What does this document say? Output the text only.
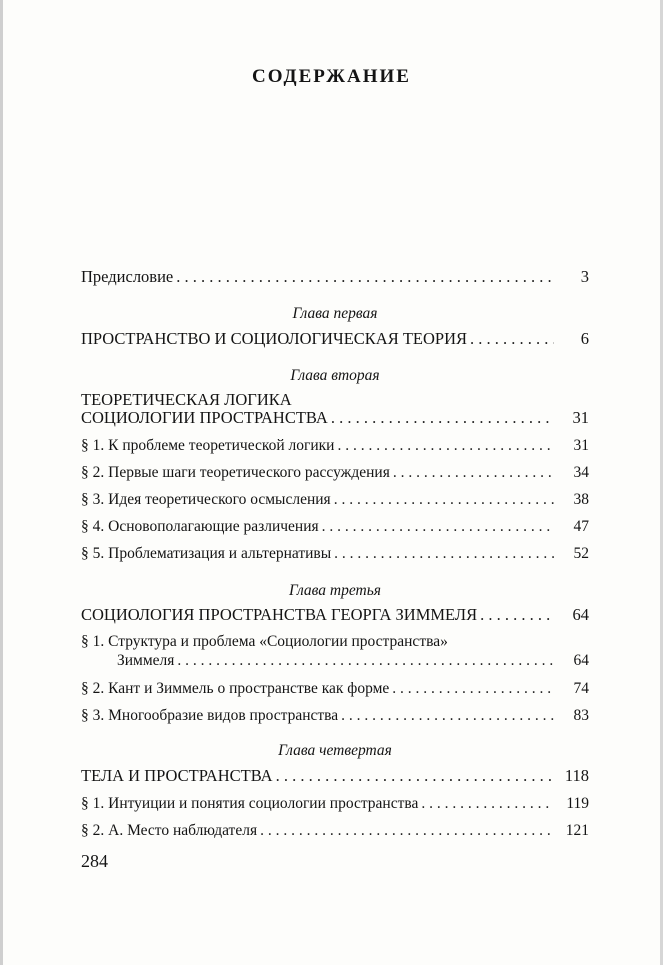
СОДЕРЖАНИЕ
Предисловие . . .	3
Глава первая
ПРОСТРАНСТВО И СОЦИОЛОГИЧЕСКАЯ ТЕОРИЯ . . .	6
Глава вторая
ТЕОРЕТИЧЕСКАЯ ЛОГИКА
СОЦИОЛОГИИ ПРОСТРАНСТВА . . .	31
§ 1. К проблеме теоретической логики . . .	31
§ 2. Первые шаги теоретического рассуждения . . .	34
§ 3. Идея теоретического осмысления . . .	38
§ 4. Основополагающие различения . . .	47
§ 5. Проблематизация и альтернативы . . .	52
Глава третья
СОЦИОЛОГИЯ ПРОСТРАНСТВА ГЕОРГА ЗИММЕЛЯ . . .	64
§ 1. Структура и проблема «Социологии пространства»
Зиммеля . . .	64
§ 2. Кант и Зиммель о пространстве как форме . . .	74
§ 3. Многообразие видов пространства . . .	83
Глава четвертая
ТЕЛА И ПРОСТРАНСТВА . . .	118
§ 1. Интуиции и понятия социологии пространства . . .	119
§ 2. А. Место наблюдателя . . .	121
284
